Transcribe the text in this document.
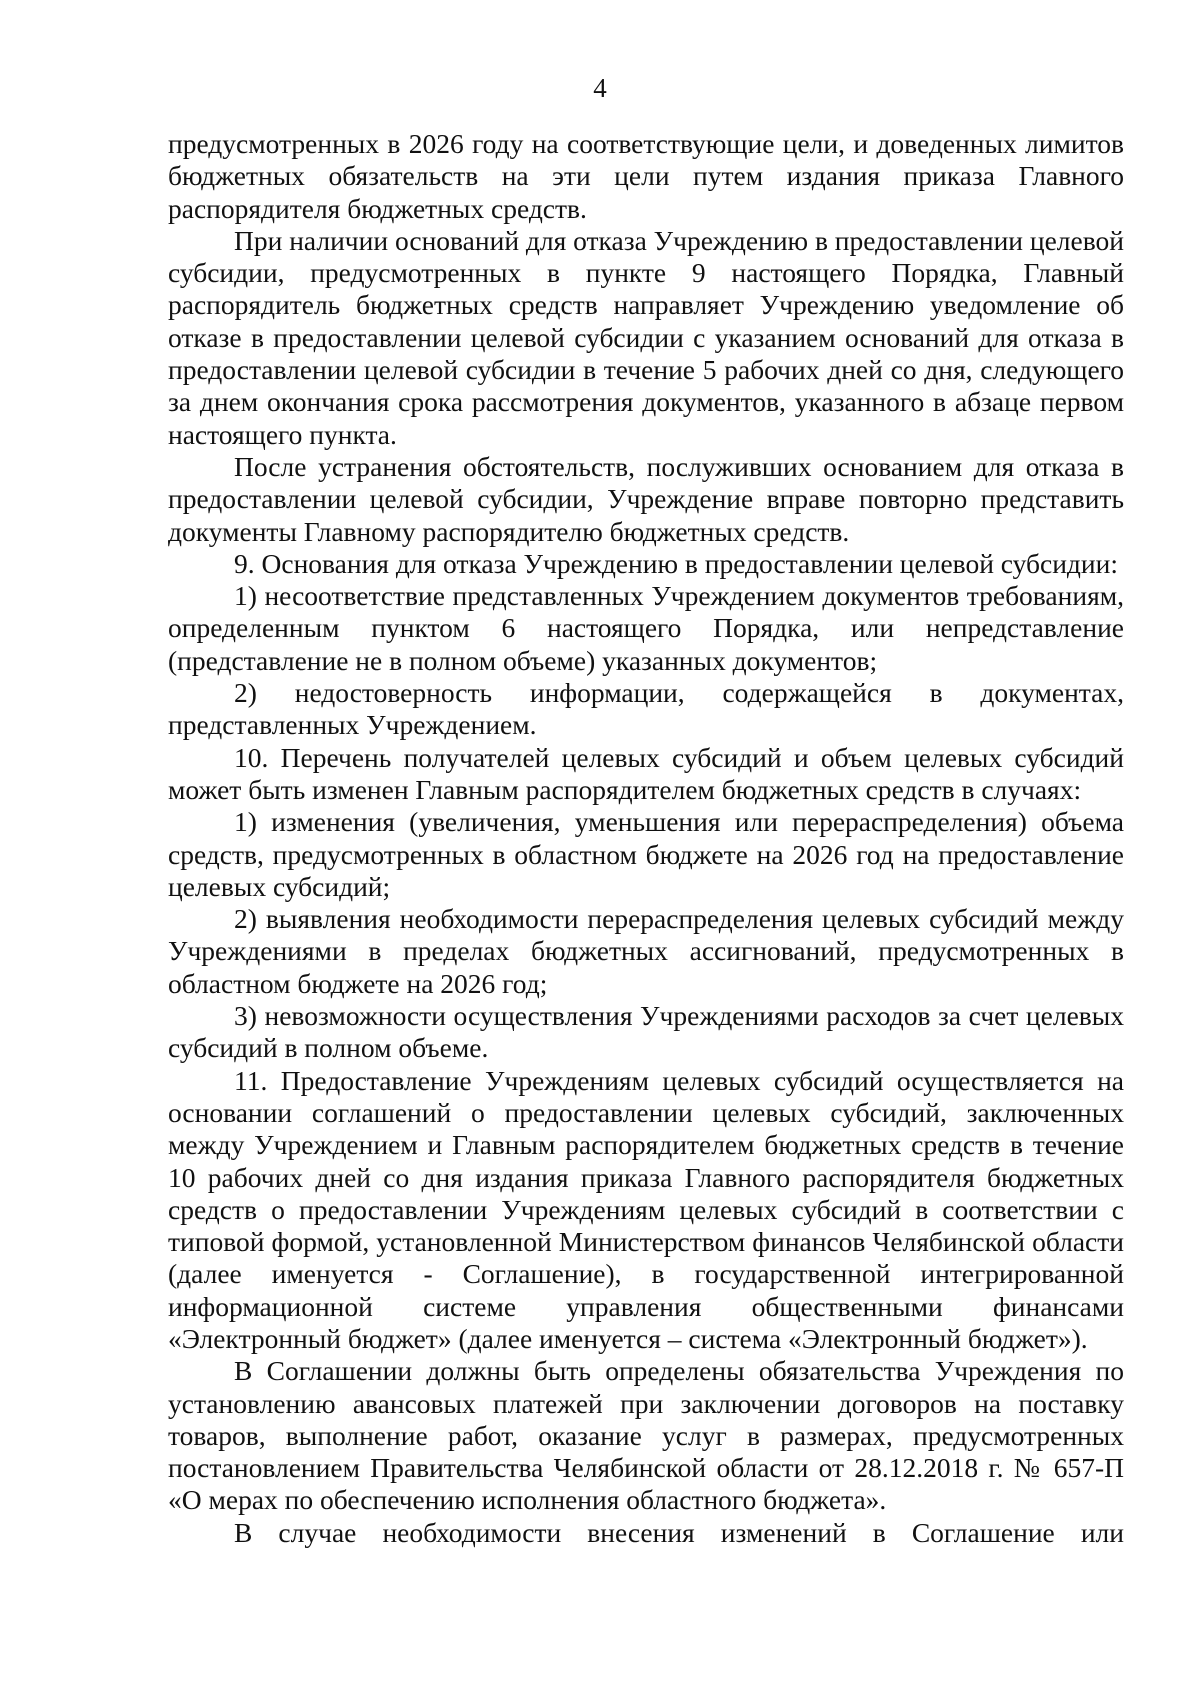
4

предусмотренных в 2026 году на соответствующие цели, и доведенных лимитов бюджетных обязательств на эти цели путем издания приказа Главного распорядителя бюджетных средств.

При наличии оснований для отказа Учреждению в предоставлении целевой субсидии, предусмотренных в пункте 9 настоящего Порядка, Главный распорядитель бюджетных средств направляет Учреждению уведомление об отказе в предоставлении целевой субсидии с указанием оснований для отказа в предоставлении целевой субсидии в течение 5 рабочих дней со дня, следующего за днем окончания срока рассмотрения документов, указанного в абзаце первом настоящего пункта.

После устранения обстоятельств, послуживших основанием для отказа в предоставлении целевой субсидии, Учреждение вправе повторно представить документы Главному распорядителю бюджетных средств.

9. Основания для отказа Учреждению в предоставлении целевой субсидии:

1) несоответствие представленных Учреждением документов требованиям, определенным пунктом 6 настоящего Порядка, или непредставление (представление не в полном объеме) указанных документов;

2) недостоверность информации, содержащейся в документах, представленных Учреждением.

10. Перечень получателей целевых субсидий и объем целевых субсидий может быть изменен Главным распорядителем бюджетных средств в случаях:

1) изменения (увеличения, уменьшения или перераспределения) объема средств, предусмотренных в областном бюджете на 2026 год на предоставление целевых субсидий;

2) выявления необходимости перераспределения целевых субсидий между Учреждениями в пределах бюджетных ассигнований, предусмотренных в областном бюджете на 2026 год;

3) невозможности осуществления Учреждениями расходов за счет целевых субсидий в полном объеме.

11. Предоставление Учреждениям целевых субсидий осуществляется на основании соглашений о предоставлении целевых субсидий, заключенных между Учреждением и Главным распорядителем бюджетных средств в течение 10 рабочих дней со дня издания приказа Главного распорядителя бюджетных средств о предоставлении Учреждениям целевых субсидий в соответствии с типовой формой, установленной Министерством финансов Челябинской области (далее именуется - Соглашение), в государственной интегрированной информационной системе управления общественными финансами «Электронный бюджет» (далее именуется – система «Электронный бюджет»).

В Соглашении должны быть определены обязательства Учреждения по установлению авансовых платежей при заключении договоров на поставку товаров, выполнение работ, оказание услуг в размерах, предусмотренных постановлением Правительства Челябинской области от 28.12.2018 г. № 657-П «О мерах по обеспечению исполнения областного бюджета».

В случае необходимости внесения изменений в Соглашение или
